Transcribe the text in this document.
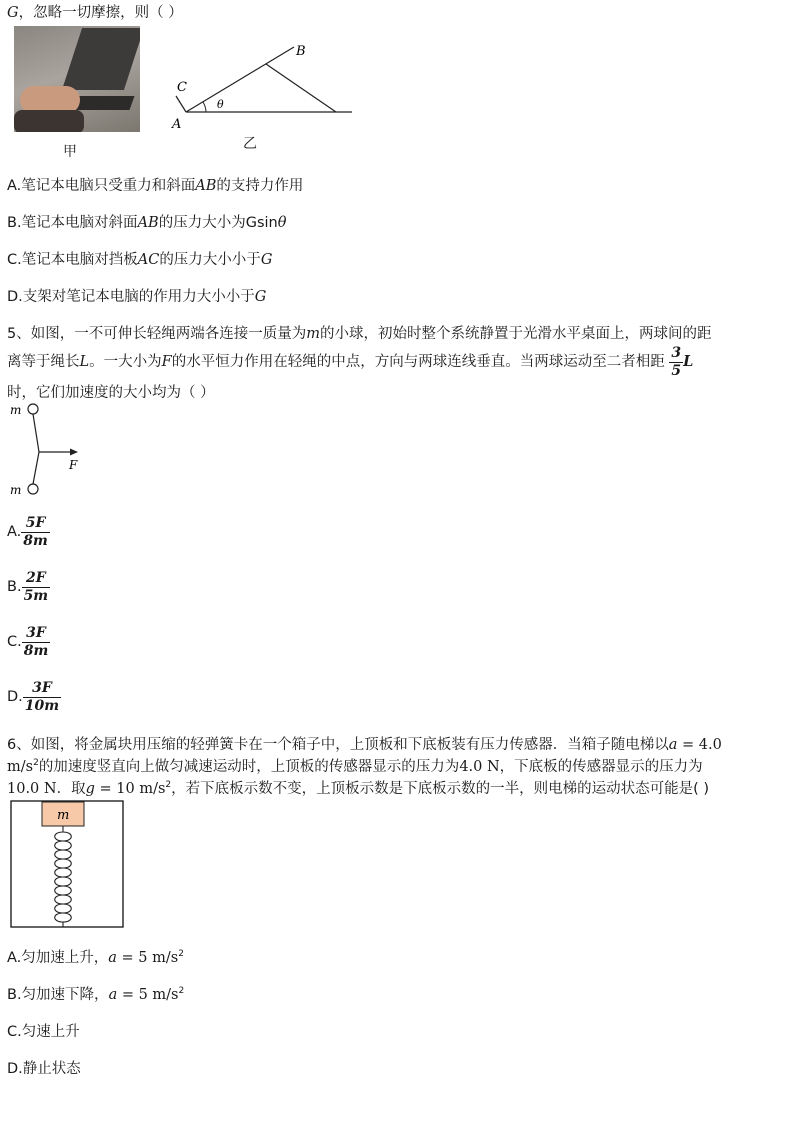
G，忽略一切摩擦，则（ ）
甲
A
C
B
θ
乙
A.笔记本电脑只受重力和斜面AB的支持力作用
B.笔记本电脑对斜面AB的压力大小为Gsinθ
C.笔记本电脑对挡板AC的压力大小小于G
D.支架对笔记本电脑的作用力大小小于G
5、如图，一不可伸长轻绳两端各连接一质量为m的小球，初始时整个系统静置于光滑水平桌面上，两球间的距
离等于绳长L。一大小为F的水平恒力作用在轻绳的中点，方向与两球连线垂直。当两球运动至二者相距 $\frac{3}{5}$ L
时，它们加速度的大小均为（ ）
m
m
F
A. $\frac{5F}{8m}$
B. $\frac{2F}{5m}$
C. $\frac{3F}{8m}$
D. $\frac{3F}{10m}$
6、如图，将金属块用压缩的轻弹簧卡在一个箱子中，上顶板和下底板装有压力传感器．当箱子随电梯以a = 4.0
$m/s^2$的加速度竖直向上做匀减速运动时，上顶板的传感器显示的压力为4.0 N，下底板的传感器显示的压力为
10.0 N．取g = 10 $m/s^2$，若下底板示数不变，上顶板示数是下底板示数的一半，则电梯的运动状态可能是( )
m
A.匀加速上升，a = 5 $m/s^2$
B.匀加速下降，a = 5 $m/s^2$
C.匀速上升
D.静止状态
